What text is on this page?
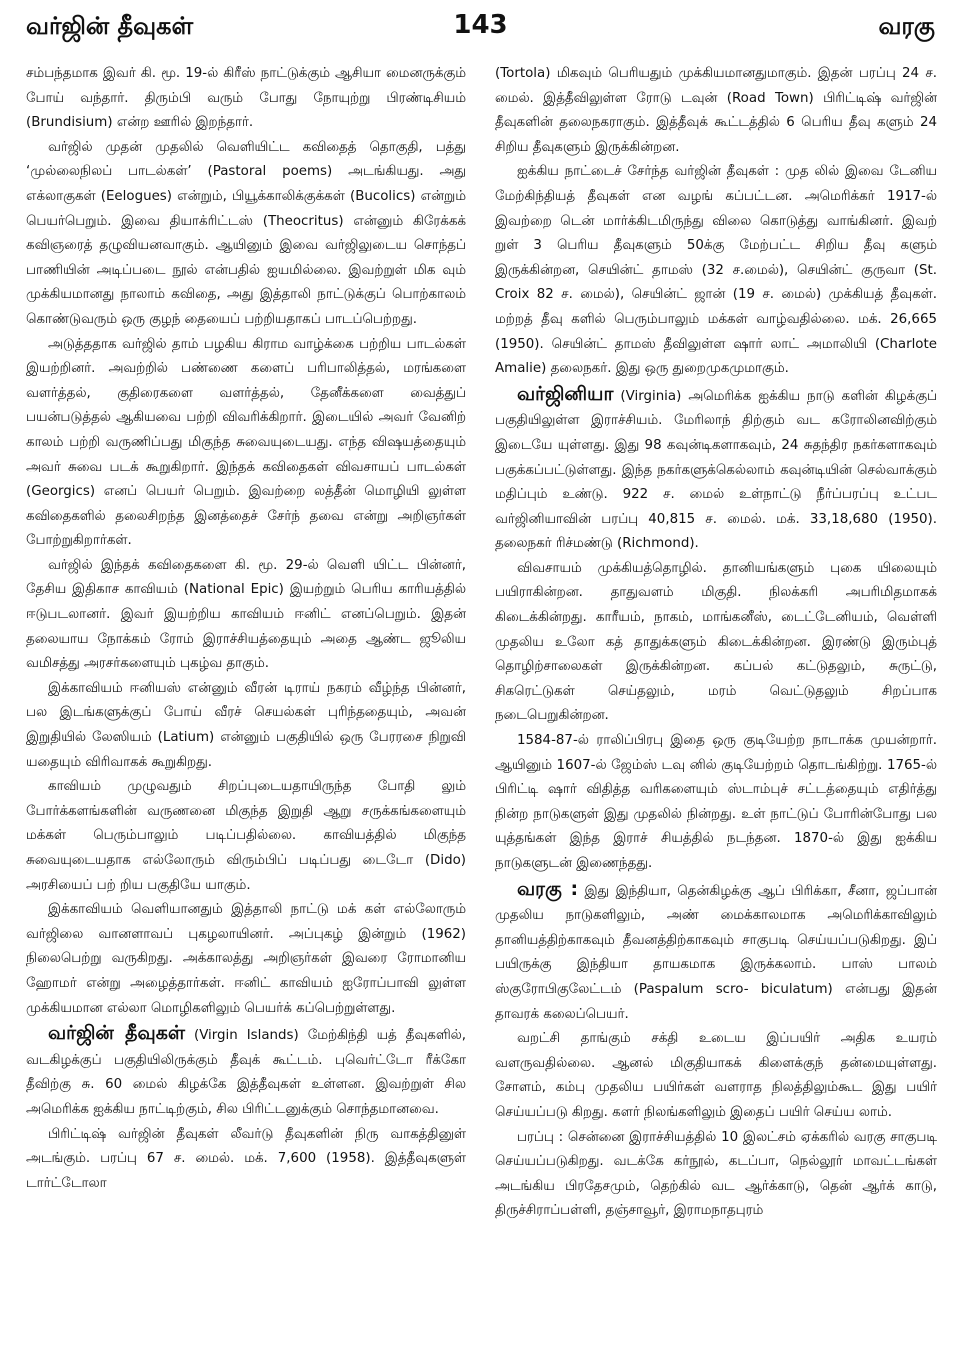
வர்ஜின் தீவுகள்	143	வரகு

சம்பந்தமாக இவர் கி. மூ. 19-ல் கிரீஸ் நாட்டுக்கும் ஆசியா மைனருக்கும் போய் வந்தார். திரும்பி வரும் போது நோயுற்று பிரண்டிசியம் (Brundisium) என்ற ஊரில் இறந்தார்.

வர்ஜில் முதன் முதலில் வெளியிட்ட கவிதைத் தொகுதி, பத்து ‘முல்லைநிலப் பாடல்கள்’ (Pastoral poems) அடங்கியது. அது எக்லாகுகள் (Eelogues) என்றும், பியூக்காலிக்குக்கள் (Bucolics) என்றும் பெயர்பெறும். இவை தியாக்ரிட்டஸ் (Theocritus) என்னும் கிரேக்கக் கவிஞரைத் தழுவியனவாகும். ஆயினும் இவை வர்ஜிலுடைய சொந்தப் பாணியின் அடிப்படை நூல் என்பதில் ஐயமில்லை. இவற்றுள் மிக வும் முக்கியமானது நாலாம் கவிதை, அது இத்தாலி நாட்டுக்குப் பொற்காலம் கொண்டுவரும் ஒரு குழந் தையைப் பற்றியதாகப் பாடப்பெற்றது.

அடுத்ததாக வர்ஜில் தாம் பழகிய கிராம வாழ்க்கை பற்றிய பாடல்கள் இயற்றினர். அவற்றில் பண்ணை களைப் பரிபாலித்தல், மரங்களை வளர்த்தல், குதிரைகளை வளர்த்தல், தேனீக்களை வைத்துப் பயன்படுத்தல் ஆகியவை பற்றி விவரிக்கிறார். இடையில் அவர் வேனிற் காலம் பற்றி வருணிப்பது மிகுந்த சுவையுடையது. எந்த விஷயத்தையும் அவர் சுவை படக் கூறுகிறார். இந்தக் கவிதைகள் விவசாயப் பாடல்கள் (Georgics) எனப் பெயர் பெறும். இவற்றை லத்தீன் மொழியி லுள்ள கவிதைகளில் தலைசிறந்த இனத்தைச் சேர்ந் தவை என்று அறிஞர்கள் போற்றுகிறார்கள்.

வர்ஜில் இந்தக் கவிதைகளை கி. மூ. 29-ல் வெளி யிட்ட பின்னர், தேசிய இதிகாச காவியம் (National Epic) இயற்றும் பெரிய காரியத்தில் ஈடுபடலானர். இவர் இயற்றிய காவியம் ஈனிட் எனப்பெறும். இதன் தலையாய நோக்கம் ரோம் இராச்சியத்தையும் அதை ஆண்ட ஜூலிய வமிசத்து அரசர்களையும் புகழ்வ தாகும்.

இக்காவியம் ஈனியஸ் என்னும் வீரன் டிராய் நகரம் வீழ்ந்த பின்னர், பல இடங்களுக்குப் போய் வீரச் செயல்கள் புரிந்ததையும், அவன் இறுதியில் லேஸியம் (Latium) என்னும் பகுதியில் ஒரு பேரரசை நிறுவி யதையும் விரிவாகக் கூறுகிறது.

காவியம் முழுவதும் சிறப்புடையதாயிருந்த போதி லும் போர்க்களங்களின் வருணனை மிகுந்த இறுதி ஆறு சருக்கங்களையும் மக்கள் பெரும்பாலும் படிப்பதில்லை. காவியத்தில் மிகுந்த சுவையுடையதாக எல்லோரும் விரும்பிப் படிப்பது டைடோ (Dido) அரசியைப் பற் றிய பகுதியே யாகும்.

இக்காவியம் வெளியானதும் இத்தாலி நாட்டு மக் கள் எல்லோரும் வர்ஜிலை வானளாவப் புகழலாயினர். அப்புகழ் இன்றும் (1962) நிலைபெற்று வருகிறது. அக்காலத்து அறிஞர்கள் இவரை ரோமானிய ஹோமர் என்று அழைத்தார்கள். ஈனிட் காவியம் ஐரோப்பாவி லுள்ள முக்கியமான எல்லா மொழிகளிலும் பெயர்க் கப்பெற்றுள்ளது.

வர்ஜின் தீவுகள் (Virgin Islands) மேற்கிந்தி யத் தீவுகளில், வடகிழக்குப் பகுதியிலிருக்கும் தீவுக் கூட்டம். புவெர்ட்டோ ரீக்கோ தீவிற்கு சு. 60 மைல் கிழக்கே இத்தீவுகள் உள்ளன. இவற்றுள் சில அமெரிக்க ஐக்கிய நாட்டிற்கும், சில பிரிட்டனுக்கும் சொந்தமானவை.

பிரிட்டிஷ் வர்ஜின் தீவுகள் லீவர்டு தீவுகளின் நிரு வாகத்தினுள் அடங்கும். பரப்பு 67 ச. மைல். மக். 7,600 (1958). இத்தீவுகளுள் டார்ட்டோலா

(Tortola) மிகவும் பெரியதும் முக்கியமானதுமாகும். இதன் பரப்பு 24 ச. மைல். இத்தீவிலுள்ள ரோடு டவுன் (Road Town) பிரிட்டிஷ் வர்ஜின் தீவுகளின் தலைநகராகும். இத்தீவுக் கூட்டத்தில் 6 பெரிய தீவு களும் 24 சிறிய தீவுகளும் இருக்கின்றன.

ஐக்கிய நாட்டைச் சேர்ந்த வர்ஜின் தீவுகள் : முத லில் இவை டேனிய மேற்கிந்தியத் தீவுகள் என வழங் கப்பட்டன. அமெரிக்கர் 1917-ல் இவற்றை டென் மார்க்கிடமிருந்து விலை கொடுத்து வாங்கினர். இவற் றுள் 3 பெரிய தீவுகளும் 50க்கு மேற்பட்ட சிறிய தீவு களும் இருக்கின்றன, செயின்ட் தாமஸ் (32 ச.மைல்), செயின்ட் குருவா (St. Croix 82 ச. மைல்), செயின்ட் ஜான் (19 ச. மைல்) முக்கியத் தீவுகள். மற்றத் தீவு களில் பெரும்பாலும் மக்கள் வாழ்வதில்லை. மக். 26,665 (1950). செயின்ட் தாமஸ் தீவிலுள்ள ஷார் லாட் அமாலியி (Charlote Amalie) தலைநகர். இது ஒரு துறைமுகமுமாகும்.

வர்ஜினியா (Virginia) அமெரிக்க ஐக்கிய நாடு களின் கிழக்குப் பகுதியிலுள்ள இராச்சியம். மேரிலாந் திற்கும் வட கரோலினவிற்கும் இடையே யுள்ளது. இது 98 கவுன்டிகளாகவும், 24 சுதந்திர நகர்களாகவும் பகுக்கப்பட்டுள்ளது. இந்த நகர்களுக்கெல்லாம் கவுன்டியின் செல்வாக்கும் மதிப்பும் உண்டு. 922 ச. மைல் உள்நாட்டு நீர்ப்பரப்பு உட்பட வர்ஜினியாவின் பரப்பு 40,815 ச. மைல். மக். 33,18,680 (1950). தலைநகர் ரிச்மண்டு (Richmond).

விவசாயம் முக்கியத்தொழில். தானியங்களும் புகை யிலையும் பயிராகின்றன. தாதுவளம் மிகுதி. நிலக்கரி அபரிமிதமாகக் கிடைக்கின்றது. காரீயம், நாகம், மாங்கனீஸ், டைட்டேனியம், வெள்ளி முதலிய உலோ கத் தாதுக்களும் கிடைக்கின்றன. இரண்டு இரும்புத் தொழிற்சாலைகள் இருக்கின்றன. கப்பல் கட்டுதலும், சுருட்டு, சிகரெட்டுகள் செய்தலும், மரம் வெட்டுதலும் சிறப்பாக நடைபெறுகின்றன.

1584-87-ல் ராலிப்பிரபு இதை ஒரு குடியேற்ற நாடாக்க முயன்றார். ஆயினும் 1607-ல் ஜேம்ஸ் டவு னில் குடியேற்றம் தொடங்கிற்று. 1765-ல் பிரிட்டி ஷார் விதித்த வரிகளையும் ஸ்டாம்புச் சட்டத்தையும் எதிர்த்து நின்ற நாடுகளுள் இது முதலில் நின்றது. உள் நாட்டுப் போரின்போது பல யுத்தங்கள் இந்த இராச் சியத்தில் நடந்தன. 1870-ல் இது ஐக்கிய நாடுகளுடன் இணைந்தது.

வரகு : இது இந்தியா, தென்கிழக்கு ஆப் பிரிக்கா, சீனா, ஜப்பான் முதலிய நாடுகளிலும், அண் மைக்காலமாக அமெரிக்காவிலும் தானியத்திற்காகவும் தீவனத்திற்காகவும் சாகுபடி செய்யப்படுகிறது. இப் பயிருக்கு இந்தியா தாயகமாக இருக்கலாம். பாஸ் பாலம் ஸ்குரோபிகுலேட்டம் (Paspalum scro- biculatum) என்பது இதன் தாவரக் கலைப்பெயர்.

வறட்சி தாங்கும் சக்தி உடைய இப்பயிர் அதிக உயரம் வளருவதில்லை. ஆனல் மிகுதியாகக் கிளைக்குந் தன்மையுள்ளது. சோளம், கம்பு முதலிய பயிர்கள் வளராத நிலத்திலும்கூட இது பயிர் செய்யப்படு கிறது. களர் நிலங்களிலும் இதைப் பயிர் செய்ய லாம்.

பரப்பு : சென்னை இராச்சியத்தில் 10 இலட்சம் ஏக்கரில் வரகு சாகுபடி செய்யப்படுகிறது. வடக்கே கர்நூல், கடப்பா, நெல்லூர் மாவட்டங்கள் அடங்கிய பிரதேசமும், தெற்கில் வட ஆர்க்காடு, தென் ஆர்க் காடு, திருச்சிராப்பள்ளி, தஞ்சாவூர், இராமநாதபுரம்
